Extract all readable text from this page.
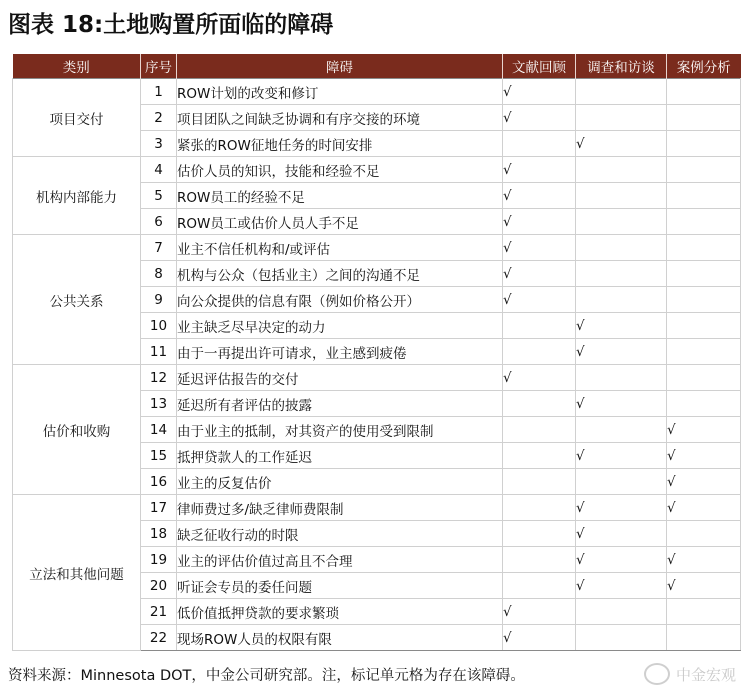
图表 18:土地购置所面临的障碍
类别	序号	障碍	文献回顾	调查和访谈	案例分析
项目交付	1	ROW计划的改变和修订	√		
	2	项目团队之间缺乏协调和有序交接的环境	√		
	3	紧张的ROW征地任务的时间安排		√	
机构内部能力	4	估价人员的知识，技能和经验不足	√		
	5	ROW员工的经验不足	√		
	6	ROW员工或估价人员人手不足	√		
公共关系	7	业主不信任机构和/或评估	√		
	8	机构与公众（包括业主）之间的沟通不足	√		
	9	向公众提供的信息有限（例如价格公开）	√		
	10	业主缺乏尽早决定的动力		√	
	11	由于一再提出许可请求，业主感到疲倦		√	
估价和收购	12	延迟评估报告的交付	√		
	13	延迟所有者评估的披露		√	
	14	由于业主的抵制，对其资产的使用受到限制			√
	15	抵押贷款人的工作延迟		√	√
	16	业主的反复估价			√
立法和其他问题	17	律师费过多/缺乏律师费限制		√	√
	18	缺乏征收行动的时限		√	
	19	业主的评估价值过高且不合理		√	√
	20	听证会专员的委任问题		√	√
	21	低价值抵押贷款的要求繁琐	√		
	22	现场ROW人员的权限有限	√		
资料来源：Minnesota DOT，中金公司研究部。注，标记单元格为存在该障碍。	中金宏观
